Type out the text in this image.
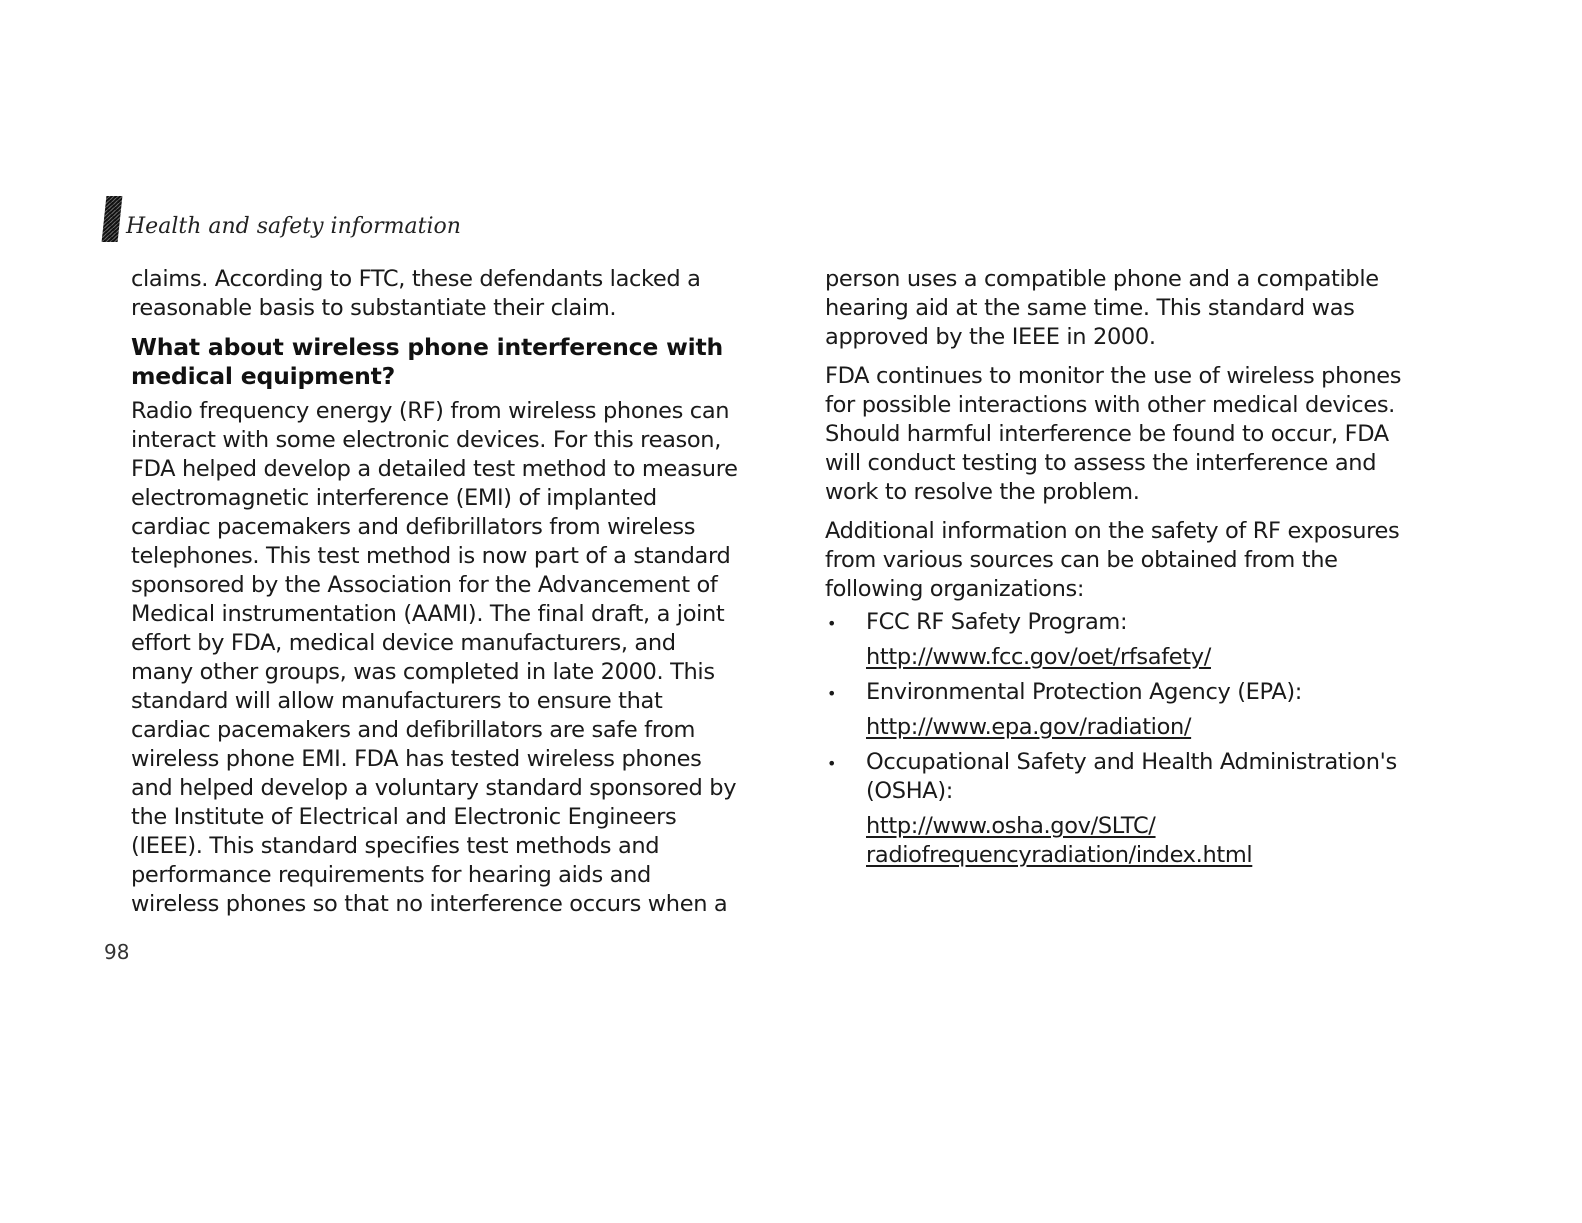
Health and safety information

claims. According to FTC, these defendants lacked a
reasonable basis to substantiate their claim.

What about wireless phone interference with
medical equipment?

Radio frequency energy (RF) from wireless phones can
interact with some electronic devices. For this reason,
FDA helped develop a detailed test method to measure
electromagnetic interference (EMI) of implanted
cardiac pacemakers and defibrillators from wireless
telephones. This test method is now part of a standard
sponsored by the Association for the Advancement of
Medical instrumentation (AAMI). The final draft, a joint
effort by FDA, medical device manufacturers, and
many other groups, was completed in late 2000. This
standard will allow manufacturers to ensure that
cardiac pacemakers and defibrillators are safe from
wireless phone EMI. FDA has tested wireless phones
and helped develop a voluntary standard sponsored by
the Institute of Electrical and Electronic Engineers
(IEEE). This standard specifies test methods and
performance requirements for hearing aids and
wireless phones so that no interference occurs when a

person uses a compatible phone and a compatible
hearing aid at the same time. This standard was
approved by the IEEE in 2000.

FDA continues to monitor the use of wireless phones
for possible interactions with other medical devices.
Should harmful interference be found to occur, FDA
will conduct testing to assess the interference and
work to resolve the problem.

Additional information on the safety of RF exposures
from various sources can be obtained from the
following organizations:

• FCC RF Safety Program:
http://www.fcc.gov/oet/rfsafety/
• Environmental Protection Agency (EPA):
http://www.epa.gov/radiation/
• Occupational Safety and Health Administration's
(OSHA):
http://www.osha.gov/SLTC/
radiofrequencyradiation/index.html
98
